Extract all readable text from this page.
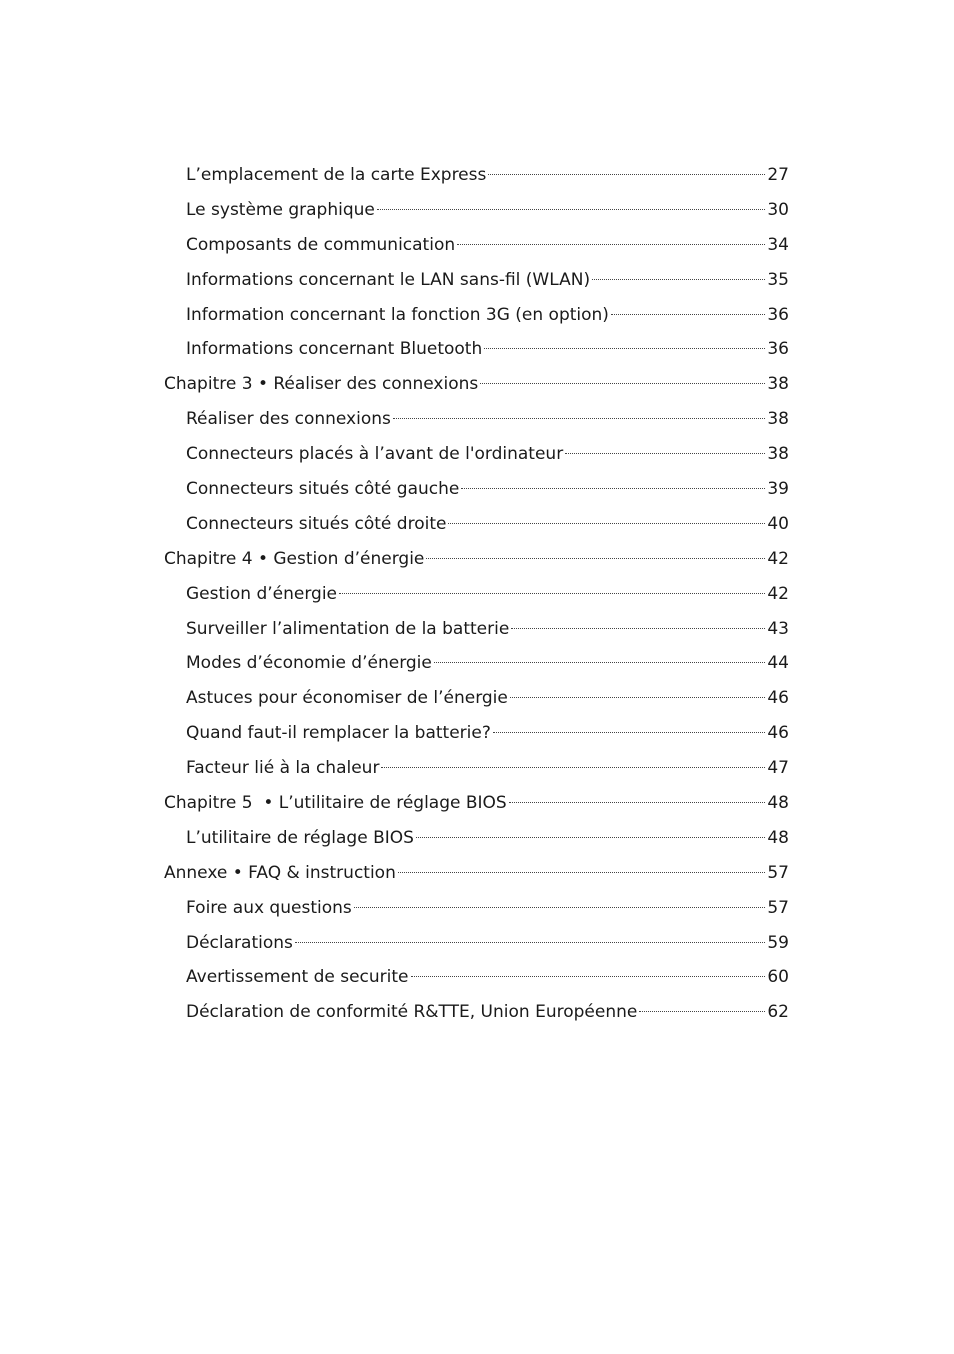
L’emplacement de la carte Express	27
Le système graphique	30
Composants de communication	34
Informations concernant le LAN sans-fil (WLAN)	35
Information concernant la fonction 3G (en option)	36
Informations concernant Bluetooth	36
Chapitre 3 • Réaliser des connexions	38
Réaliser des connexions	38
Connecteurs placés à l’avant de l'ordinateur	38
Connecteurs situés côté gauche	39
Connecteurs situés côté droite	40
Chapitre 4 • Gestion d’énergie	42
Gestion d’énergie	42
Surveiller l’alimentation de la batterie	43
Modes d’économie d’énergie	44
Astuces pour économiser de l’énergie	46
Quand faut-il remplacer la batterie?	46
Facteur lié à la chaleur	47
Chapitre 5  • L’utilitaire de réglage BIOS	48
L’utilitaire de réglage BIOS	48
Annexe • FAQ & instruction	57
Foire aux questions	57
Déclarations	59
Avertissement de securite	60
Déclaration de conformité R&TTE, Union Européenne	62
